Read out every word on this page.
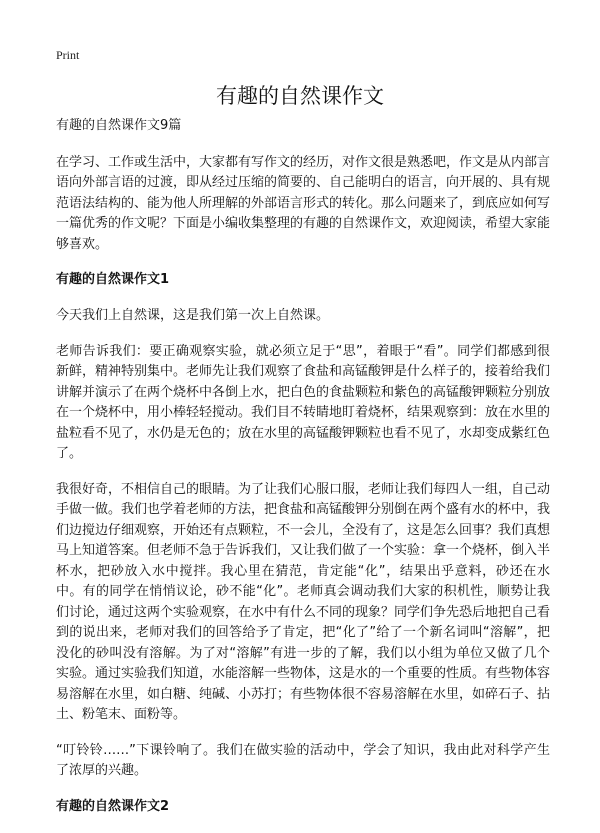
Print
有趣的自然课作文

有趣的自然课作文9篇

在学习、工作或生活中，大家都有写作文的经历，对作文很是熟悉吧，作文是从内部言语向外部言语的过渡，即从经过压缩的简要的、自己能明白的语言，向开展的、具有规范语法结构的、能为他人所理解的外部语言形式的转化。那么问题来了，到底应如何写一篇优秀的作文呢？下面是小编收集整理的有趣的自然课作文，欢迎阅读，希望大家能够喜欢。

有趣的自然课作文1

今天我们上自然课，这是我们第一次上自然课。

老师告诉我们：要正确观察实验，就必须立足于“思”，着眼于“看”。同学们都感到很新鲜，精神特别集中。老师先让我们观察了食盐和高锰酸钾是什么样子的，接着给我们讲解并演示了在两个烧杯中各倒上水，把白色的食盐颗粒和紫色的高锰酸钾颗粒分别放在一个烧杯中，用小棒轻轻搅动。我们目不转睛地盯着烧杯，结果观察到：放在水里的盐粒看不见了，水仍是无色的；放在水里的高锰酸钾颗粒也看不见了，水却变成紫红色了。

我很好奇，不相信自己的眼睛。为了让我们心服口服，老师让我们每四人一组，自己动手做一做。我们也学着老师的方法，把食盐和高锰酸钾分别倒在两个盛有水的杯中，我们边搅边仔细观察，开始还有点颗粒，不一会儿，全没有了，这是怎么回事？我们真想马上知道答案。但老师不急于告诉我们，又让我们做了一个实验：拿一个烧杯，倒入半杯水，把砂放入水中搅拌。我心里在猜范，肯定能“化”，结果出乎意料，砂还在水中。有的同学在悄悄议论，砂不能“化”。老师真会调动我们大家的积机性，顺势让我们讨论，通过这两个实验观察，在水中有什么不同的现象？同学们争先恐后地把自己看到的说出来，老师对我们的回答给予了肯定，把“化了”给了一个新名词叫“溶解”，把没化的砂叫没有溶解。为了对“溶解”有进一步的了解，我们以小组为单位又做了几个实验。通过实验我们知道，水能溶解一些物体，这是水的一个重要的性质。有些物体容易溶解在水里，如白糖、纯碱、小苏打；有些物体很不容易溶解在水里，如碎石子、拈土、粉笔末、面粉等。

“叮铃铃……”下课铃响了。我们在做实验的活动中，学会了知识，我由此对科学产生了浓厚的兴趣。

有趣的自然课作文2
